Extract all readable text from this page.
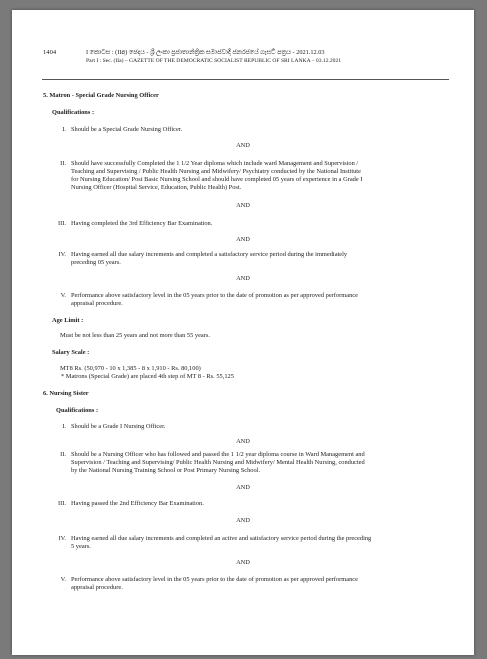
1404	I කොටස : (IIඅ) ඡෙදය - ශ්‍රී ලංකා ප්‍රජාතාන්ත්‍රික සමාජවාදී ජනරජයේ ගැසට් පත්‍රය - 2021.12.03
Part I : Sec. (IIa) – GAZETTE OF THE DEMOCRATIC SOCIALIST REPUBLIC OF SRI LANKA – 03.12.2021
5. Matron - Special Grade Nursing Officer
Qualifications :
I. Should be a Special Grade Nursing Officer.
AND
II. Should have successfully Completed the 1 1/2 Year diploma which include ward Management and Supervision /
Teaching and Supervising / Public Health Nursing and Midwifery/ Psychiatry conducted by the National Institute
for Nursing Education/ Post Basic Nursing School and should have completed 05 years of experience in a Grade I
Nursing Officer (Hospital Service, Education, Public Health) Post.
AND
III. Having completed the 3rd Efficiency Bar Examination.
AND
IV. Having earned all due salary increments and completed a satisfactory service period during the immediately
preceding 05 years.
AND
V. Performance above satisfactory level in the 05 years prior to the date of promotion as per approved performance
appraisal procedure.
Age Limit :
Must be not less than 25 years and not more than 55 years.
Salary Scale :
MT8 Rs. (50,970 - 10 x 1,385 - 8 x 1,910 - Rs. 80,100)
* Matrons (Special Grade) are placed 4th step of MT 8 - Rs. 55,125
6. Nursing Sister
Qualifications :
I. Should be a Grade I Nursing Officer.
AND
II. Should be a Nursing Officer who has followed and passed the 1 1/2 year diploma course in Ward Management and
Supervision / Teaching and Supervising/ Public Health Nursing and Midwifery/ Mental Health Nursing, conducted
by the National Nursing Training School or Post Primary Nursing School.
AND
III. Having passed the 2nd Efficiency Bar Examination.
AND
IV. Having earned all due salary increments and completed an active and satisfactory service period during the preceding
5 years.
AND
V. Performance above satisfactory level in the 05 years prior to the date of promotion as per approved performance
appraisal procedure.
